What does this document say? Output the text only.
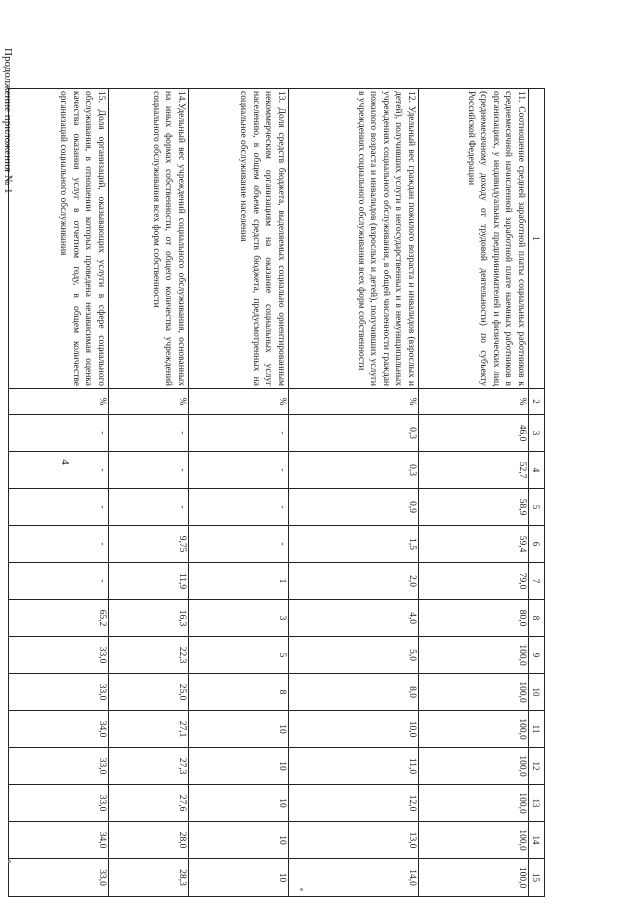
4
Продолжение приложения № 1
1	2	3	4	5	6	7	8	9	10	11	12	13	14	15
11. Соотношение средней заработной платы социальных работников к среднемесячной начисленной заработной плате наемных работников в организациях, у индивидуальных предпринимателей и физических лиц (среднемесячному доходу от трудовой деятельности) по субъекту Российской Федерации	%	46,0	52,7	58,9	59,4	79,0	80,0	100,0	100,0	100,0	100,0	100,0	100,0	100,0
12. Удельный вес граждан пожилого возраста и инвалидов (взрослых и детей), получивших услуги в негосударственных и в немуниципальных учреждениях социального обслуживания, в общей численности граждан пожилого возраста и инвалидов (взрослых и детей), получивших услуги в учреждениях социального обслуживания всех форм собственности	%	0,3	0,3	0,9	1,5	2,0	4,0	5,0	8,0	10,0	11,0	12,0	13,0	14,0
13. Доля средств бюджета, выделяемых социально ориентированным некоммерческим организациям на оказание социальных услуг населению, в общем объеме средств бюджета, предусмотренных на социальное обслуживание населения	%	-	-	-	-	1	3	5	8	10	10	10	10	10
14.Удельный вес учреждений социального обслуживания, основанных на иных формах собственности, от общего количества учреждений социального обслуживания всех форм собственности	%	-	-	-	9,75	11,9	16,3	22,3	25,0	27,1	27,3	27,6	28,0	28,3
15. Доля организаций, оказывающих услуги в сфере социального обслуживания, в отношении которых проведена независимая оценка качества оказания услуг в отчетном году, в общем количестве организаций социального обслуживания	%	-	-	-	-	-	65,2	33,0	33,0	34,0	33,0	33,0	34,0	33,0
